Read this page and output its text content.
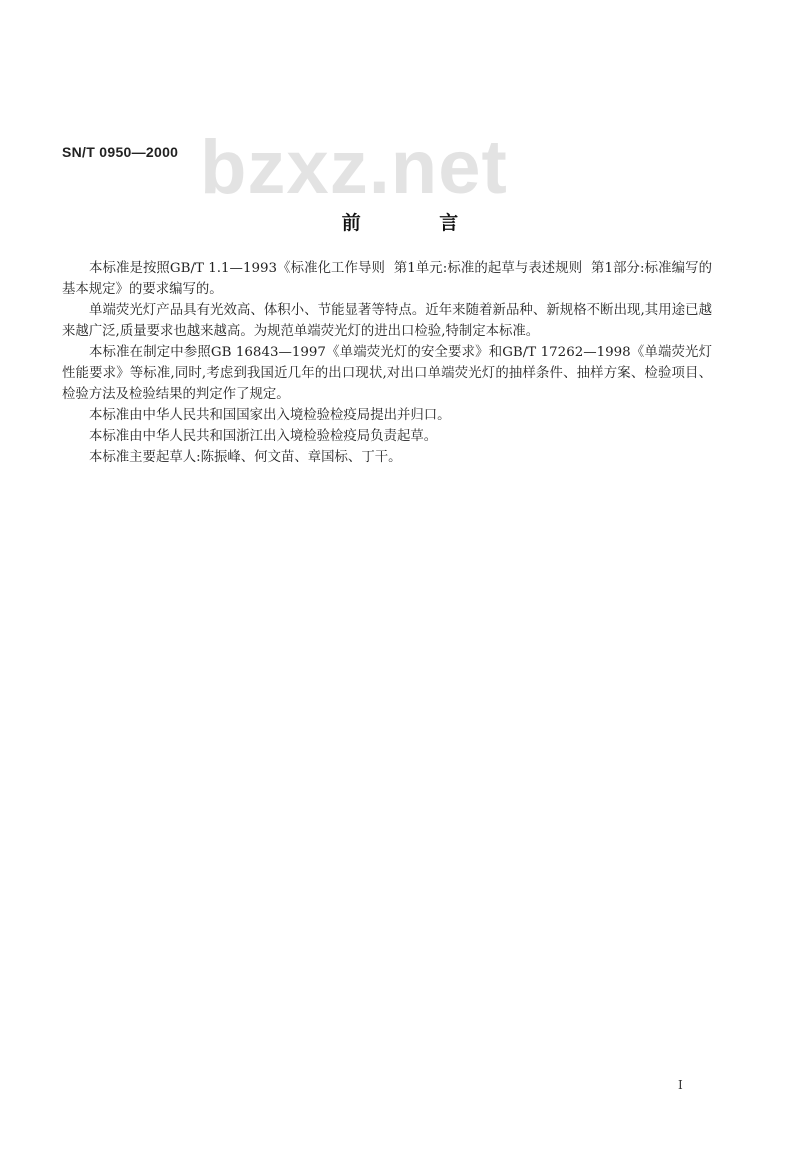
bzxz.net
SN/T 0950—2000
前 言

本标准是按照GB/T 1.1—1993《标准化工作导则  第1单元:标准的起草与表述规则  第1部分:标准编写的基本规定》的要求编写的。

单端荧光灯产品具有光效高、体积小、节能显著等特点。近年来随着新品种、新规格不断出现,其用途已越来越广泛,质量要求也越来越高。为规范单端荧光灯的进出口检验,特制定本标准。

本标准在制定中参照GB 16843—1997《单端荧光灯的安全要求》和GB/T 17262—1998《单端荧光灯  性能要求》等标准,同时,考虑到我国近几年的出口现状,对出口单端荧光灯的抽样条件、抽样方案、检验项目、检验方法及检验结果的判定作了规定。

本标准由中华人民共和国国家出入境检验检疫局提出并归口。

本标准由中华人民共和国浙江出入境检验检疫局负责起草。

本标准主要起草人:陈振峰、何文苗、章国标、丁干。

I
